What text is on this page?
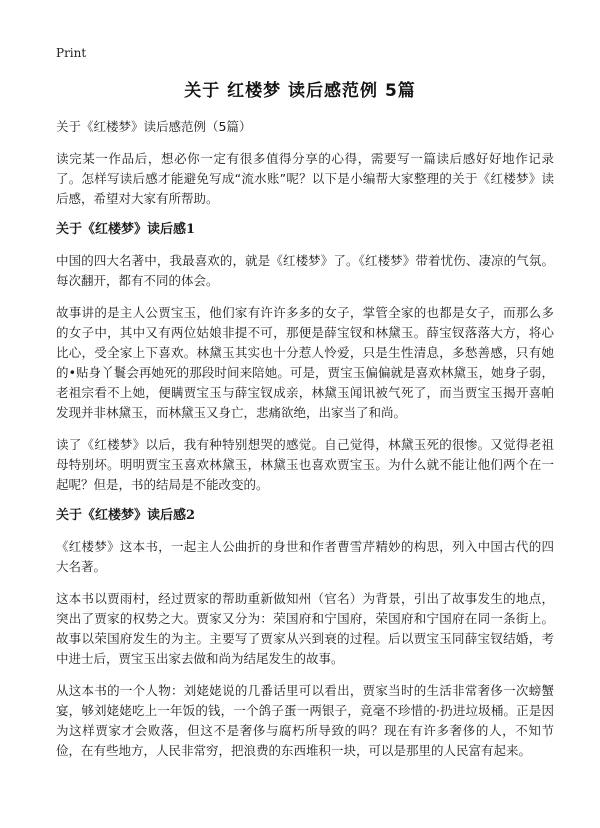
Print
关于 红楼梦 读后感范例 5篇
关于《红楼梦》读后感范例（5篇）

读完某一作品后，想必你一定有很多值得分享的心得，需要写一篇读后感好好地作记录了。怎样写读后感才能避免写成“流水账”呢？以下是小编帮大家整理的关于《红楼梦》读后感，希望对大家有所帮助。

关于《红楼梦》读后感1

中国的四大名著中，我最喜欢的，就是《红楼梦》了。《红楼梦》带着忧伤、凄凉的气氛。每次翻开，都有不同的体会。

故事讲的是主人公贾宝玉，他们家有许许多多的女子，掌管全家的也都是女子，而那么多的女子中，其中又有两位姑娘非提不可，那便是薛宝钗和林黛玉。薛宝钗落落大方，将心比心，受全家上下喜欢。林黛玉其实也十分惹人怜爱，只是生性清息，多愁善感，只有她的•贴身丫鬟会再她死的那段时间来陪她。可是，贾宝玉偏偏就是喜欢林黛玉，她身子弱，老祖宗看不上她，便瞒贾宝玉与薛宝钗成亲，林黛玉闻讯被气死了，而当贾宝玉揭开喜帕发现并非林黛玉，而林黛玉又身亡，悲痛欲绝，出家当了和尚。

读了《红楼梦》以后，我有种特别想哭的感觉。自己觉得，林黛玉死的很惨。又觉得老祖母特别坏。明明贾宝玉喜欢林黛玉，林黛玉也喜欢贾宝玉。为什么就不能让他们两个在一起呢？但是，书的结局是不能改变的。

关于《红楼梦》读后感2

《红楼梦》这本书，一起主人公曲折的身世和作者曹雪芹精妙的构思，列入中国古代的四大名著。

这本书以贾雨村，经过贾家的帮助重新做知州（官名）为背景，引出了故事发生的地点，突出了贾家的权势之大。贾家又分为：荣国府和宁国府，荣国府和宁国府在同一条街上。故事以荣国府发生的为主。主要写了贾家从兴到衰的过程。后以贾宝玉同薛宝钗结婚，考中进士后，贾宝玉出家去做和尚为结尾发生的故事。

从这本书的一个人物：刘姥姥说的几番话里可以看出，贾家当时的生活非常奢侈一次螃蟹宴，够刘姥姥吃上一年饭的钱，一个鸽子蛋一两银子，竟毫不珍惜的·扔进垃圾桶。正是因为这样贾家才会败落，但这不是奢侈与腐朽所导致的吗？现在有许多奢侈的人，不知节俭，在有些地方，人民非常穷，把浪费的东西堆积一块，可以是那里的人民富有起来。
